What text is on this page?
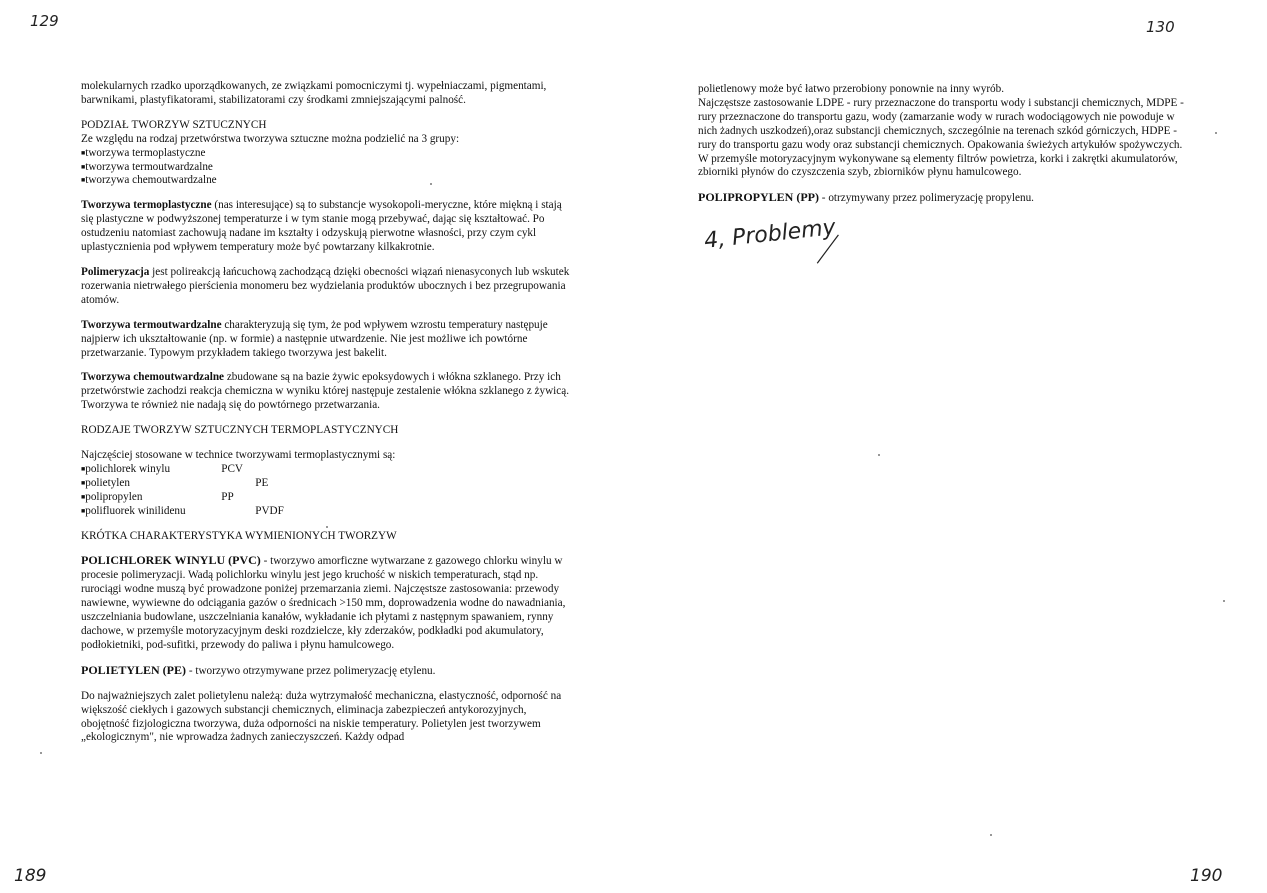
129	130
189	190

molekularnych rzadko uporządkowanych, ze związkami pomocniczymi tj. wypełniaczami, pigmentami, barwnikami, plastyfikatorami, stabilizatorami czy środkami zmniejszającymi palność.

PODZIAŁ TWORZYW SZTUCZNYCH

Ze względu na rodzaj przetwórstwa tworzywa sztuczne można podzielić na 3 grupy:

■tworzywa termoplastyczne

■tworzywa termoutwardzalne

■tworzywa chemoutwardzalne

Tworzywa termoplastyczne (nas interesujące) są to substancje wysokopoli-meryczne, które miękną i stają się plastyczne w podwyższonej temperaturze i w tym stanie mogą przebywać, dając się kształtować. Po ostudzeniu natomiast zachowują nadane im kształty i odzyskują pierwotne własności, przy czym cykl uplastycznienia pod wpływem temperatury może być powtarzany kilkakrotnie.

Polimeryzacja jest polireakcją łańcuchową zachodzącą dzięki obecności wiązań nienasyconych lub wskutek rozerwania nietrwałego pierścienia monomeru bez wydzielania produktów ubocznych i bez przegrupowania atomów.

Tworzywa termoutwardzalne charakteryzują się tym, że pod wpływem wzrostu temperatury następuje najpierw ich ukształtowanie (np. w formie) a następnie utwardzenie. Nie jest możliwe ich powtórne przetwarzanie. Typowym przykładem takiego tworzywa jest bakelit.

Tworzywa chemoutwardzalne zbudowane są na bazie żywic epoksydowych i włókna szklanego. Przy ich przetwórstwie zachodzi reakcja chemiczna w wyniku której następuje zestalenie włókna szklanego z żywicą. Tworzywa te również nie nadają się do powtórnego przetwarzania.

RODZAJE TWORZYW SZTUCZNYCH TERMOPLASTYCZNYCH

Najczęściej stosowane w technice tworzywami termoplastycznymi są:

■polichlorek winylu	PCV

■polietylen	PE

■polipropylen	PP

■polifluorek winilidenu	PVDF

KRÓTKA CHARAKTERYSTYKA WYMIENIONYCH TWORZYW

POLICHLOREK WINYLU (PVC) - tworzywo amorficzne wytwarzane z gazowego chlorku winylu w procesie polimeryzacji. Wadą polichlorku winylu jest jego kruchość w niskich temperaturach, stąd np. rurociągi wodne muszą być prowadzone poniżej przemarzania ziemi. Najczęstsze zastosowania: przewody nawiewne, wywiewne do odciągania gazów o średnicach >150 mm, doprowadzenia wodne do nawadniania, uszczelniania budowlane, uszczelniania kanałów, wykładanie ich płytami z następnym spawaniem, rynny dachowe, w przemyśle motoryzacyjnym deski rozdzielcze, kły zderzaków, podkładki pod akumulatory, podłokietniki, pod-sufitki, przewody do paliwa i płynu hamulcowego.

POLIETYLEN (PE) - tworzywo otrzymywane przez polimeryzację etylenu.

Do najważniejszych zalet polietylenu należą: duża wytrzymałość mechaniczna, elastyczność, odporność na większość ciekłych i gazowych substancji chemicznych, eliminacja zabezpieczeń antykorozyjnych, obojętność fizjologiczna tworzywa, duża odporności na niskie temperatury. Polietylen jest tworzywem „ekologicznym", nie wprowadza żadnych zanieczyszczeń. Każdy odpad

polietlenowy może być łatwo przerobiony ponownie na inny wyrób.

Najczęstsze zastosowanie LDPE - rury przeznaczone do transportu wody i substancji chemicznych, MDPE - rury przeznaczone do transportu gazu, wody (zamarzanie wody w rurach wodociągowych nie powoduje w nich żadnych uszkodzeń),oraz substancji chemicznych, szczególnie na terenach szkód górniczych, HDPE - rury do transportu gazu wody oraz substancji chemicznych. Opakowania świeżych artykułów spożywczych. W przemyśle motoryzacyjnym wykonywane są elementy filtrów powietrza, korki i zakrętki akumulatorów, zbiorniki płynów do czyszczenia szyb, zbiorników płynu hamulcowego.

POLIPROPYLEN (PP) - otrzymywany przez polimeryzację propylenu.

4, Problemy
